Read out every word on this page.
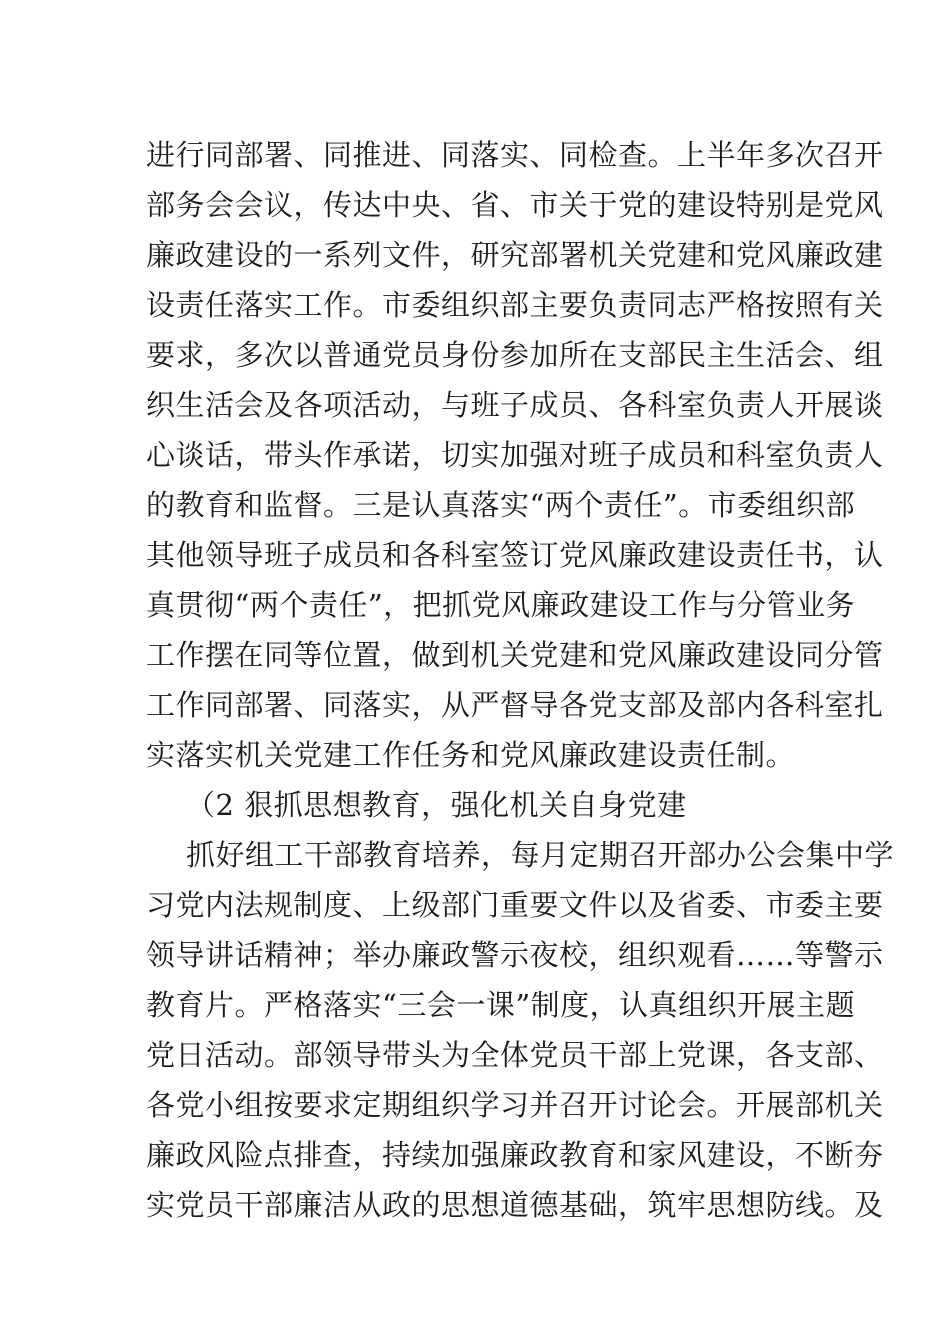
进行同部署、同推进、同落实、同检查。上半年多次召开
部务会会议，传达中央、省、市关于党的建设特别是党风
廉政建设的一系列文件，研究部署机关党建和党风廉政建
设责任落实工作。市委组织部主要负责同志严格按照有关
要求，多次以普通党员身份参加所在支部民主生活会、组
织生活会及各项活动，与班子成员、各科室负责人开展谈
心谈话，带头作承诺，切实加强对班子成员和科室负责人
的教育和监督。三是认真落实“两个责任”。市委组织部
其他领导班子成员和各科室签订党风廉政建设责任书，认
真贯彻“两个责任”，把抓党风廉政建设工作与分管业务
工作摆在同等位置，做到机关党建和党风廉政建设同分管
工作同部署、同落实，从严督导各党支部及部内各科室扎
实落实机关党建工作任务和党风廉政建设责任制。
（2 狠抓思想教育，强化机关自身党建
抓好组工干部教育培养，每月定期召开部办公会集中学
习党内法规制度、上级部门重要文件以及省委、市委主要
领导讲话精神；举办廉政警示夜校，组织观看……等警示
教育片。严格落实“三会一课”制度，认真组织开展主题
党日活动。部领导带头为全体党员干部上党课，各支部、
各党小组按要求定期组织学习并召开讨论会。开展部机关
廉政风险点排查，持续加强廉政教育和家风建设，不断夯
实党员干部廉洁从政的思想道德基础，筑牢思想防线。及
